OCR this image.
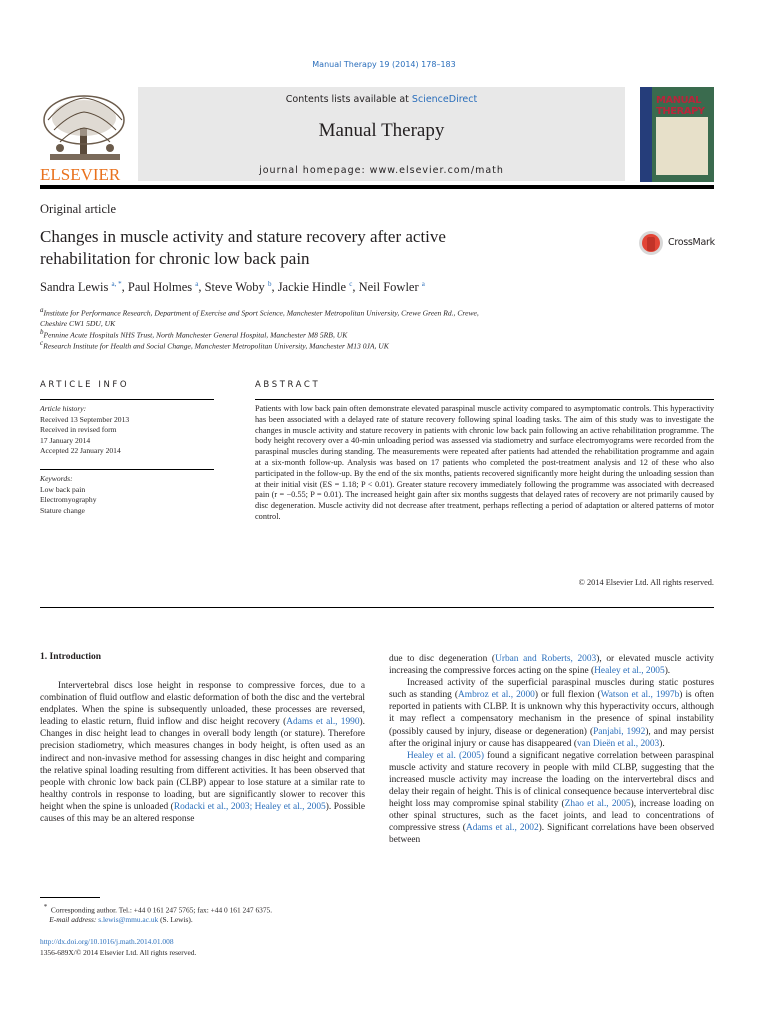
Manual Therapy 19 (2014) 178–183
ELSEVIER
Contents lists available at ScienceDirect
Manual Therapy
journal homepage: www.elsevier.com/math
MANUAL
THERAPY
Original article
Changes in muscle activity and stature recovery after active
rehabilitation for chronic low back pain
CrossMark
Sandra Lewis $^{a, *}$, Paul Holmes $^a$, Steve Woby $^b$, Jackie Hindle $^c$, Neil Fowler $^a$
$^a$Institute for Performance Research, Department of Exercise and Sport Science, Manchester Metropolitan University, Crewe Green Rd., Crewe,
Cheshire CW1 5DU, UK
$^b$Pennine Acute Hospitals NHS Trust, North Manchester General Hospital, Manchester M8 5RB, UK
$^c$Research Institute for Health and Social Change, Manchester Metropolitan University, Manchester M13 0JA, UK
ARTICLE INFO	ABSTRACT
Article history:
Received 13 September 2013
Received in revised form
17 January 2014
Accepted 22 January 2014
Keywords:
Low back pain
Electromyography
Stature change
Patients with low back pain often demonstrate elevated paraspinal muscle activity compared to asymptomatic controls. This hyperactivity has been associated with a delayed rate of stature recovery following spinal loading tasks. The aim of this study was to investigate the changes in muscle activity and stature recovery in patients with chronic low back pain following an active rehabilitation programme. The body height recovery over a 40-min unloading period was assessed via stadiometry and surface electromyograms were recorded from the paraspinal muscles during standing. The measurements were repeated after patients had attended the rehabilitation programme and again at a six-month follow-up. Analysis was based on 17 patients who completed the post-treatment analysis and 12 of these who also participated in the follow-up. By the end of the six months, patients recovered significantly more height during the unloading session than at their initial visit (ES = 1.18; P < 0.01). Greater stature recovery immediately following the programme was associated with decreased pain (r = −0.55; P = 0.01). The increased height gain after six months suggests that delayed rates of recovery are not primarily caused by disc degeneration. Muscle activity did not decrease after treatment, perhaps reflecting a period of adaptation or altered patterns of motor control.
© 2014 Elsevier Ltd. All rights reserved.
1. Introduction

Intervertebral discs lose height in response to compressive forces, due to a combination of fluid outflow and elastic deformation of both the disc and the vertebral endplates. When the spine is subsequently unloaded, these processes are reversed, leading to elastic return, fluid inflow and disc height recovery (Adams et al., 1990). Changes in disc height lead to changes in overall body length (or stature). Therefore precision stadiometry, which measures changes in body height, is often used as an indirect and non-invasive method for assessing changes in disc height and comparing the relative spinal loading resulting from different activities. It has been observed that people with chronic low back pain (CLBP) appear to lose stature at a similar rate to healthy controls in response to loading, but are significantly slower to recover this height when the spine is unloaded (Rodacki et al., 2003; Healey et al., 2005). Possible causes of this may be an altered response

due to disc degeneration (Urban and Roberts, 2003), or elevated muscle activity increasing the compressive forces acting on the spine (Healey et al., 2005).

Increased activity of the superficial paraspinal muscles during static postures such as standing (Ambroz et al., 2000) or full flexion (Watson et al., 1997b) is often reported in patients with CLBP. It is unknown why this hyperactivity occurs, although it may reflect a compensatory mechanism in the presence of spinal instability (possibly caused by injury, disease or degeneration) (Panjabi, 1992), and may persist after the original injury or cause has disappeared (van Dieën et al., 2003).

Healey et al. (2005) found a significant negative correlation between paraspinal muscle activity and stature recovery in people with mild CLBP, suggesting that the increased muscle activity may increase the loading on the intervertebral discs and delay their regain of height. This is of clinical consequence because intervertebral disc height loss may compromise spinal stability (Zhao et al., 2005), increase loading on other spinal structures, such as the facet joints, and lead to concentrations of compressive stress (Adams et al., 2002). Significant correlations have been observed between

* Corresponding author. Tel.: +44 0 161 247 5765; fax: +44 0 161 247 6375.
E-mail address: s.lewis@mmu.ac.uk (S. Lewis).
http://dx.doi.org/10.1016/j.math.2014.01.008
1356-689X/© 2014 Elsevier Ltd. All rights reserved.
